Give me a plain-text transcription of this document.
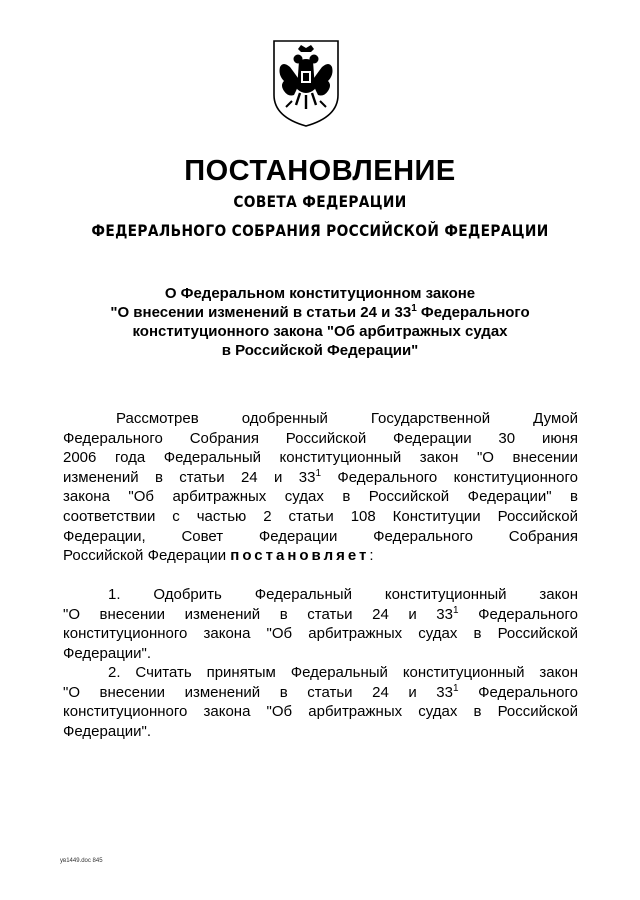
ПОСТАНОВЛЕНИЕ
СОВЕТА ФЕДЕРАЦИИ
ФЕДЕРАЛЬНОГО СОБРАНИЯ РОССИЙСКОЙ ФЕДЕРАЦИИ
О Федеральном конституционном законе
"О внесении изменений в статьи 24 и $33^1$ Федерального
конституционного закона "Об арбитражных судах
в Российской Федерации"
Рассмотрев одобренный Государственной Думой
Федерального Собрания Российской Федерации 30 июня
2006 года Федеральный конституционный закон "О внесении
изменений в статьи 24 и $33^1$ Федерального конституционного
закона "Об арбитражных судах в Российской Федерации" в
соответствии с частью 2 статьи 108 Конституции Российской
Федерации, Совет Федерации Федерального Собрания
Российской Федерации постановляет:
1. Одобрить Федеральный конституционный закон
"О внесении изменений в статьи 24 и $33^1$ Федерального
конституционного закона "Об арбитражных судах в Российской
Федерации".
2. Считать принятым Федеральный конституционный закон
"О внесении изменений в статьи 24 и $33^1$ Федерального
конституционного закона "Об арбитражных судах в Российской
Федерации".
ув1449.doc 845
